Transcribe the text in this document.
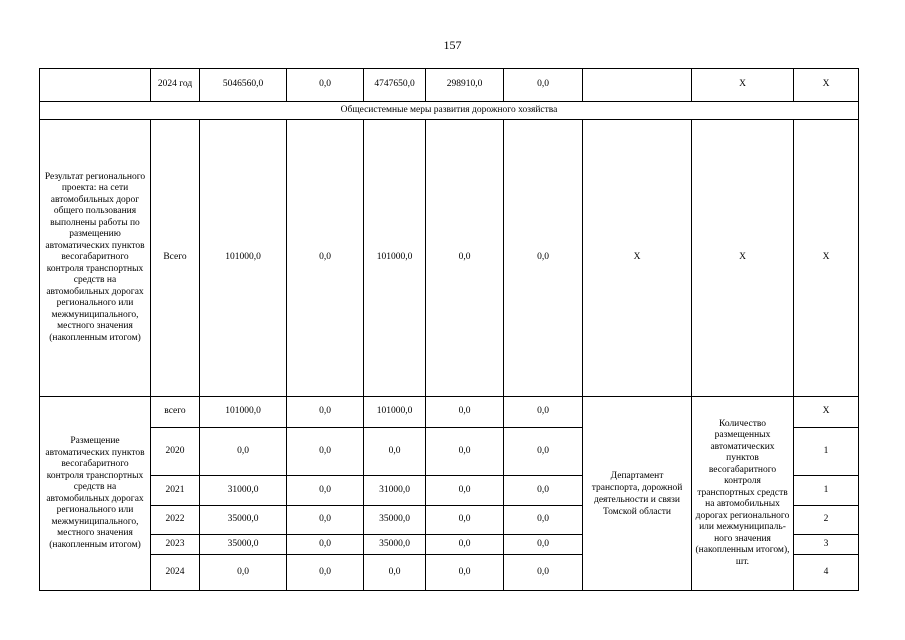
157
	2024 год	5046560,0	0,0	4747650,0	298910,0	0,0		X	X
Общесистемные меры развития дорожного хозяйства									
Результат регионального проекта: на сети автомобильных дорог общего пользования выполнены работы по размещению автоматических пунктов весогабаритного контроля транспортных средств на автомобильных дорогах регионального или межмуниципального, местного значения (накопленным итогом)	Всего	101000,0	0,0	101000,0	0,0	0,0	X	X	X
Размещение автоматических пунктов весогабаритного контроля транспортных средств на автомобильных дорогах регионального или межмуниципального, местного значения (накопленным итогом)	всего	101000,0	0,0	101000,0	0,0	0,0	Департамент транспорта, дорожной деятельности и связи Томской области	Количество размещенных автоматических пунктов весогабаритного контроля транспортных средств на автомобильных дорогах регионального или межмуниципаль-ного значения (накопленным итогом), шт.	X
	2020	0,0	0,0	0,0	0,0	0,0			1
	2021	31000,0	0,0	31000,0	0,0	0,0			1
	2022	35000,0	0,0	35000,0	0,0	0,0			2
	2023	35000,0	0,0	35000,0	0,0	0,0			3
	2024	0,0	0,0	0,0	0,0	0,0			4
